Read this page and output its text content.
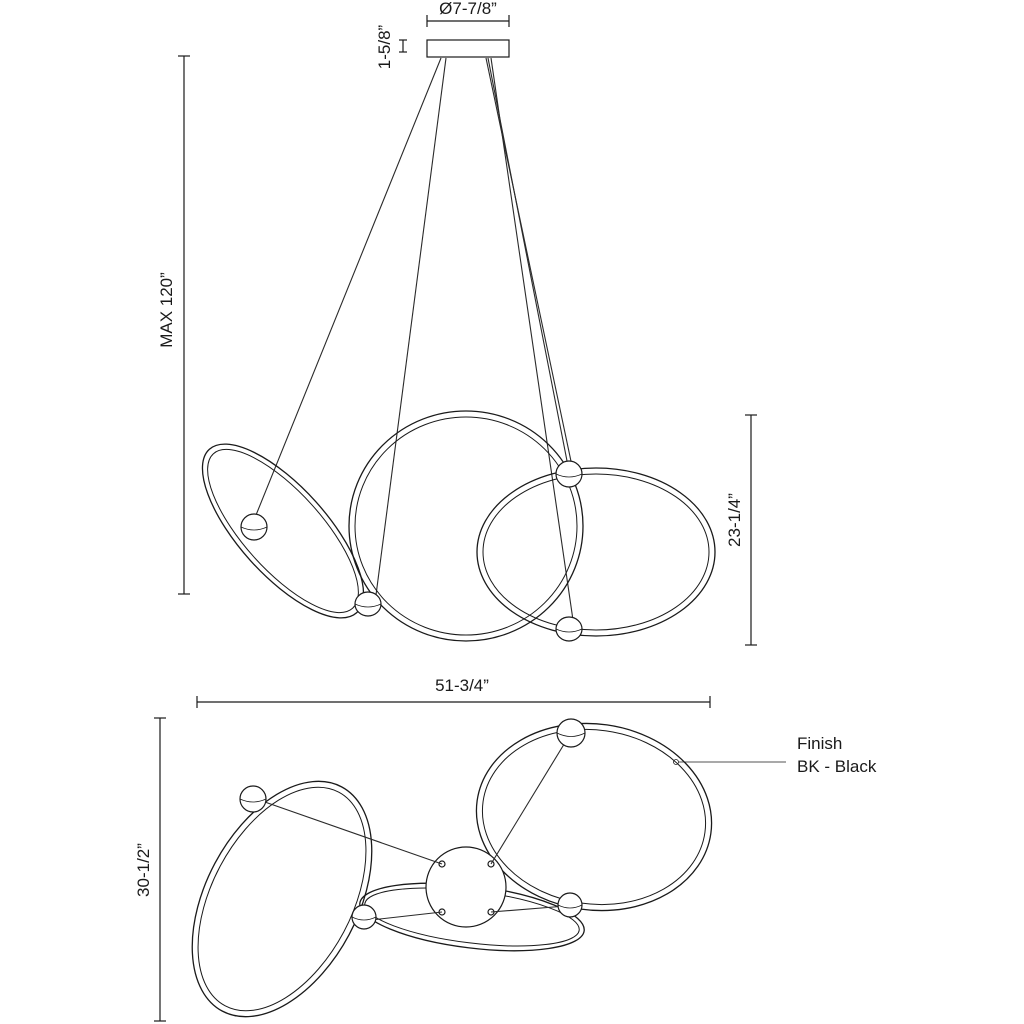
Ø7-7/8”
1-5/8”
MAX 120”
23-1/4”
51-3/4”
30-1/2”
Finish
BK - Black
